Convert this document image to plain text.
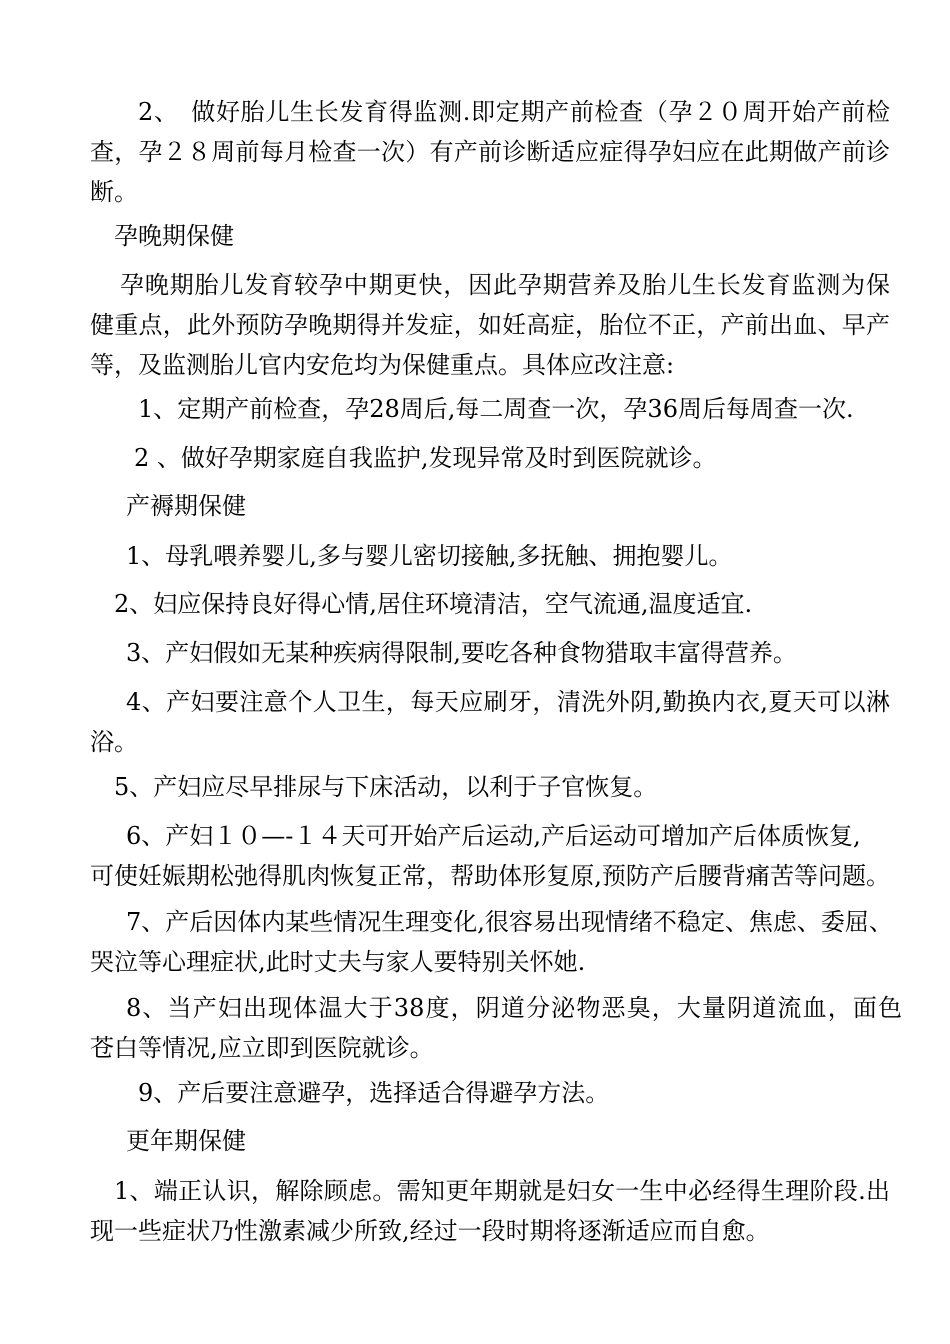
2、　做好胎儿生长发育得监测.即定期产前检查（孕２０周开始产前检
查，孕２８周前每月检查一次）有产前诊断适应症得孕妇应在此期做产前诊
断。
孕晚期保健
孕晚期胎儿发育较孕中期更快，因此孕期营养及胎儿生长发育监测为保
健重点，此外预防孕晚期得并发症，如妊高症，胎位不正，产前出血、早产
等，及监测胎儿官内安危均为保健重点。具体应改注意:
1、定期产前检查，孕28周后,每二周查一次，孕36周后每周查一次.
2 、做好孕期家庭自我监护,发现异常及时到医院就诊。
产褥期保健
1、母乳喂养婴儿,多与婴儿密切接触,多抚触、拥抱婴儿。
2、妇应保持良好得心情,居住环境清洁，空气流通,温度适宜.
3、产妇假如无某种疾病得限制,要吃各种食物猎取丰富得营养。
4、产妇要注意个人卫生，每天应刷牙，清洗外阴,勤换内衣,夏天可以淋
浴。
5、产妇应尽早排尿与下床活动，以利于子官恢复。
6、产妇１０—-１４天可开始产后运动,产后运动可增加产后体质恢复,
可使妊娠期松弛得肌肉恢复正常，帮助体形复原,预防产后腰背痛苦等问题。
7、产后因体内某些情况生理变化,很容易出现情绪不稳定、焦虑、委屈、
哭泣等心理症状,此时丈夫与家人要特别关怀她.
8、当产妇出现体温大于38度，阴道分泌物恶臭，大量阴道流血，面色
苍白等情况,应立即到医院就诊。
9、产后要注意避孕，选择适合得避孕方法。
更年期保健
1、端正认识，解除顾虑。需知更年期就是妇女一生中必经得生理阶段.出
现一些症状乃性激素减少所致,经过一段时期将逐渐适应而自愈。
